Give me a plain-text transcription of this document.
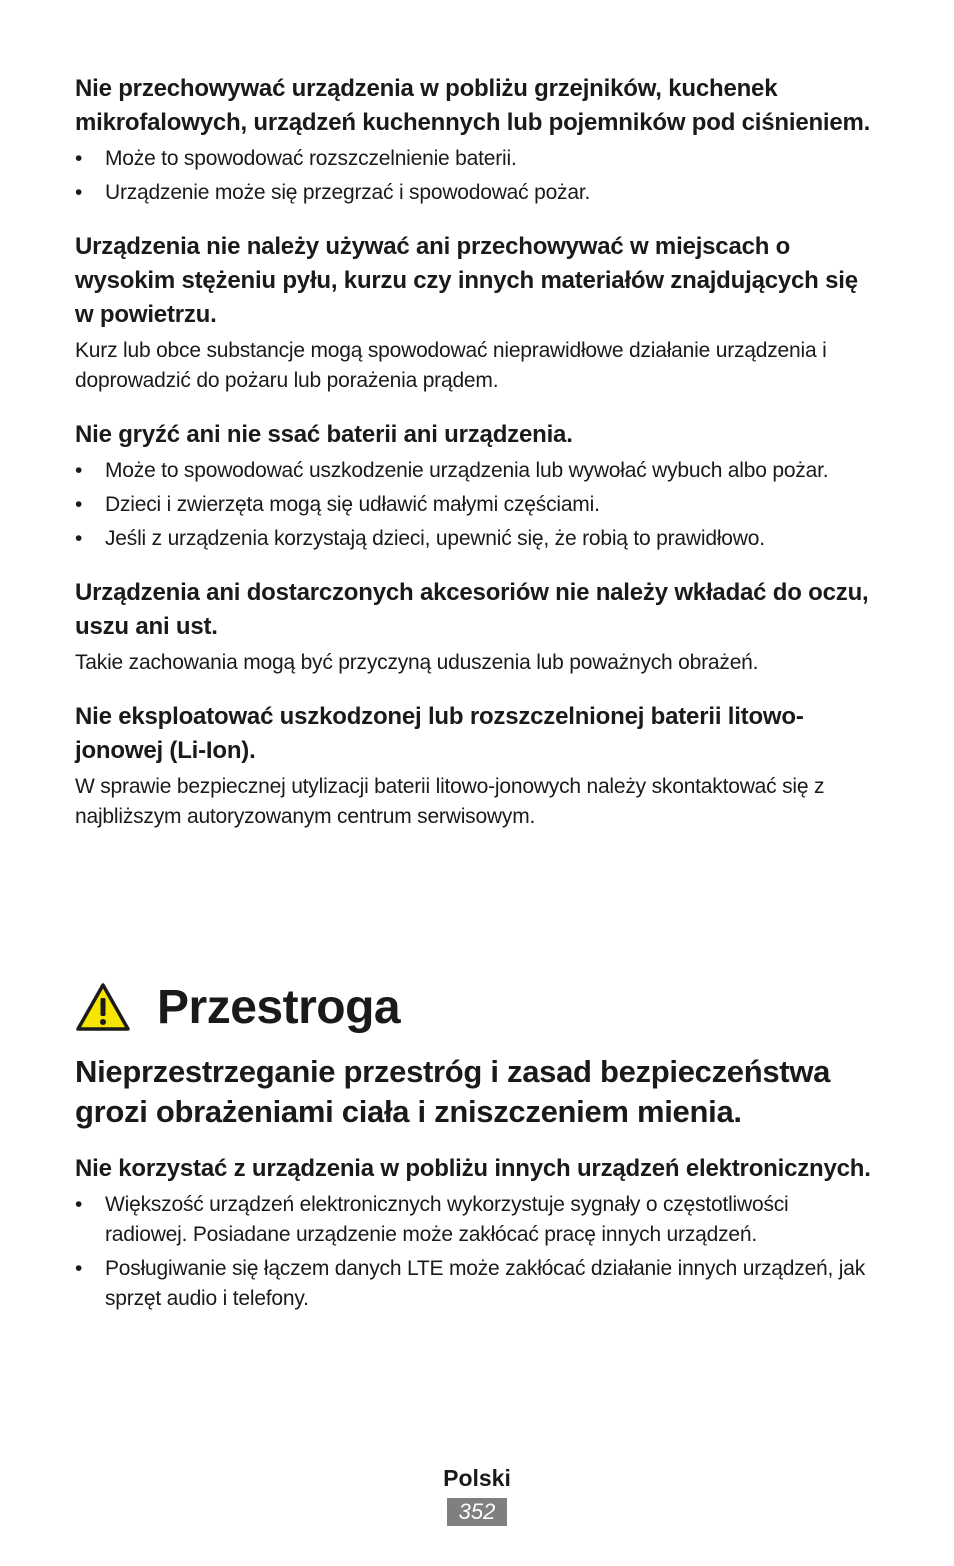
Nie przechowywać urządzenia w pobliżu grzejników, kuchenek mikrofalowych, urządzeń kuchennych lub pojemników pod ciśnieniem.

• Może to spowodować rozszczelnienie baterii.
• Urządzenie może się przegrzać i spowodować pożar.

Urządzenia nie należy używać ani przechowywać w miejscach o wysokim stężeniu pyłu, kurzu czy innych materiałów znajdujących się w powietrzu.

Kurz lub obce substancje mogą spowodować nieprawidłowe działanie urządzenia i doprowadzić do pożaru lub porażenia prądem.

Nie gryźć ani nie ssać baterii ani urządzenia.

• Może to spowodować uszkodzenie urządzenia lub wywołać wybuch albo pożar.
• Dzieci i zwierzęta mogą się udławić małymi częściami.
• Jeśli z urządzenia korzystają dzieci, upewnić się, że robią to prawidłowo.

Urządzenia ani dostarczonych akcesoriów nie należy wkładać do oczu, uszu ani ust.

Takie zachowania mogą być przyczyną uduszenia lub poważnych obrażeń.

Nie eksploatować uszkodzonej lub rozszczelnionej baterii litowo-jonowej (Li-Ion).

W sprawie bezpiecznej utylizacji baterii litowo-jonowych należy skontaktować się z najbliższym autoryzowanym centrum serwisowym.

Przestroga

Nieprzestrzeganie przestróg i zasad bezpieczeństwa grozi obrażeniami ciała i zniszczeniem mienia.

Nie korzystać z urządzenia w pobliżu innych urządzeń elektronicznych.

• Większość urządzeń elektronicznych wykorzystuje sygnały o częstotliwości radiowej. Posiadane urządzenie może zakłócać pracę innych urządzeń.
• Posługiwanie się łączem danych LTE może zakłócać działanie innych urządzeń, jak sprzęt audio i telefony.
Polski
352
